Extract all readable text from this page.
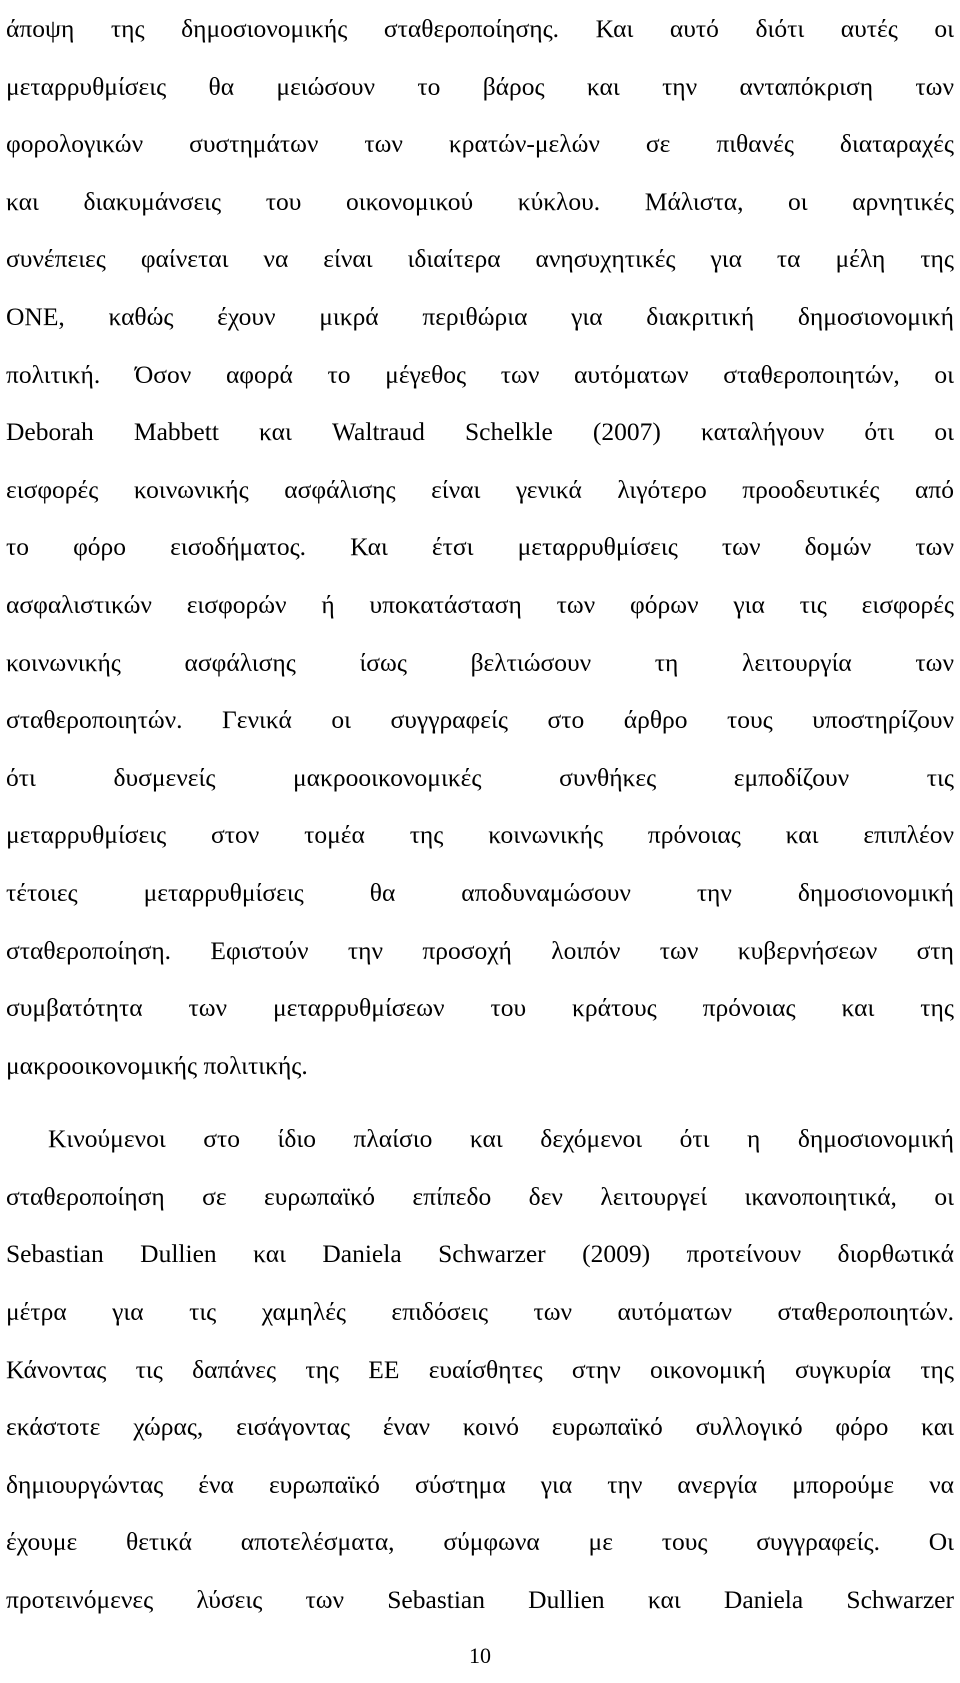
άποψη της δημοσιονομικής σταθεροποίησης. Και αυτό διότι αυτές οι
μεταρρυθμίσεις θα μειώσουν το βάρος και την ανταπόκριση των
φορολογικών συστημάτων των κρατών-μελών σε πιθανές διαταραχές
και διακυμάνσεις του οικονομικού κύκλου. Μάλιστα, οι αρνητικές
συνέπειες φαίνεται να είναι ιδιαίτερα ανησυχητικές για τα μέλη της
ΟΝΕ, καθώς έχουν μικρά περιθώρια για διακριτική δημοσιονομική
πολιτική. Όσον αφορά το μέγεθος των αυτόματων σταθεροποιητών, οι
Deborah Mabbett και Waltraud Schelkle (2007) καταλήγουν ότι οι
εισφορές κοινωνικής ασφάλισης είναι γενικά λιγότερο προοδευτικές από
το φόρο εισοδήματος. Και έτσι μεταρρυθμίσεις των δομών των
ασφαλιστικών εισφορών ή υποκατάσταση των φόρων για τις εισφορές
κοινωνικής ασφάλισης ίσως βελτιώσουν τη λειτουργία των
σταθεροποιητών. Γενικά οι συγγραφείς στο άρθρο τους υποστηρίζουν
ότι δυσμενείς μακροοικονομικές συνθήκες εμποδίζουν τις
μεταρρυθμίσεις στον τομέα της κοινωνικής πρόνοιας και επιπλέον
τέτοιες μεταρρυθμίσεις θα αποδυναμώσουν την δημοσιονομική
σταθεροποίηση. Εφιστούν την προσοχή λοιπόν των κυβερνήσεων στη
συμβατότητα των μεταρρυθμίσεων του κράτους πρόνοιας και της
μακροοικονομικής πολιτικής.
Κινούμενοι στο ίδιο πλαίσιο και δεχόμενοι ότι η δημοσιονομική
σταθεροποίηση σε ευρωπαϊκό επίπεδο δεν λειτουργεί ικανοποιητικά, οι
Sebastian Dullien και Daniela Schwarzer (2009) προτείνουν διορθωτικά
μέτρα για τις χαμηλές επιδόσεις των αυτόματων σταθεροποιητών.
Κάνοντας τις δαπάνες της ΕΕ ευαίσθητες στην οικονομική συγκυρία της
εκάστοτε χώρας, εισάγοντας έναν κοινό ευρωπαϊκό συλλογικό φόρο και
δημιουργώντας ένα ευρωπαϊκό σύστημα για την ανεργία μπορούμε να
έχουμε θετικά αποτελέσματα, σύμφωνα με τους συγγραφείς. Οι
προτεινόμενες λύσεις των Sebastian Dullien και Daniela Schwarzer
10
